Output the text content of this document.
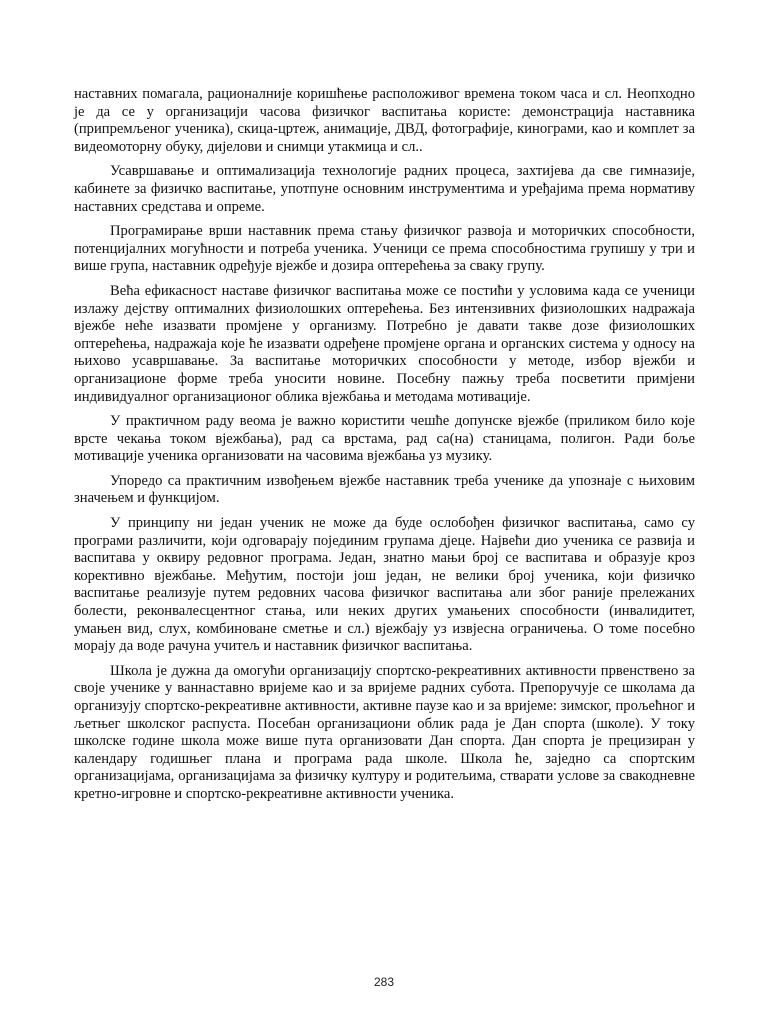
наставних помагала, рационалније коришћење расположивог времена током часа и сл. Неопходно је да се у организацији часова физичког васпитања користе: демонстрација наставника (припремљеног ученика), скица-цртеж, анимације, ДВД, фотографије, кинограми, као и комплет за видеомоторну обуку, дијелови и снимци утакмица и сл..

Усавршавање и оптимализација технологије радних процеса, захтијева да све гимназије, кабинете за физичко васпитање, употпуне основним инструментима и уређајима према нормативу наставних средстава и опреме.

Програмирање врши наставник према стању физичког развоја и моторичких способности, потенцијалних могућности и потреба ученика. Ученици се према способностима групишу у три и више група, наставник одређује вјежбе и дозира оптерећења за сваку групу.

Већа ефикасност наставе физичког васпитања може се постићи у условима када се ученици излажу дејству оптималних физиолошких оптерећења. Без интензивних физиолошких надражаја вјежбе неће изазвати промјене у организму. Потребно је давати такве дозе физиолошких оптерећења, надражаја које ће изазвати одређене промјене органа и органских система у односу на њихово усавршавање. За васпитање моторичких способности у методе, избор вјежби и организационе форме треба уносити новине. Посебну пажњу треба посветити примјени индивидуалног организационог облика вјежбања и методама мотивације.

У практичном раду веома је важно користити чешће допунске вјежбе (приликом било које врсте чекања током вјежбања), рад са врстама, рад са(на) станицама, полигон. Ради боље мотивације ученика организовати на часовима вјежбања уз музику.

Упоредо са практичним извођењем вјежбе наставник треба ученике да упознаје с њиховим значењем и функцијом.

У принципу ни један ученик не може да буде ослобођен физичког васпитања, само су програми различити, који одговарају појединим групама дјеце. Највећи дио ученика се развија и васпитава у оквиру редовног програма. Један, знатно мањи број се васпитава и образује кроз корективно вјежбање. Међутим, постоји још један, не велики број ученика, који физичко васпитање реализује путем редовних часова физичког васпитања али због раније прележаних болести, реконвалесцентног стања, или неких других умањених способности (инвалидитет, умањен вид, слух, комбиноване сметње и сл.) вјежбају уз извјесна ограничења. О томе посебно морају да воде рачуна учитељ и наставник физичког васпитања.

Школа је дужна да омогући организацију спортско-рекреативних активности првенствено за своје ученике у ваннаставно вријеме као и за вријеме радних субота. Препоручује се школама да организују спортско-рекреативне активности, активне паузе као и за вријеме: зимског, прољећног и љетњег школског распуста. Посебан организациони облик рада је Дан спорта (школе). У току школске године школа може више пута организовати Дан спорта. Дан спорта је прецизиран у календару годишњег плана и програма рада школе. Школа ће, заједно са спортским организацијама, организацијама за физичку културу и родитељима, стварати услове за свакодневне кретно-игровне и спортско-рекреативне активности ученика.

283
